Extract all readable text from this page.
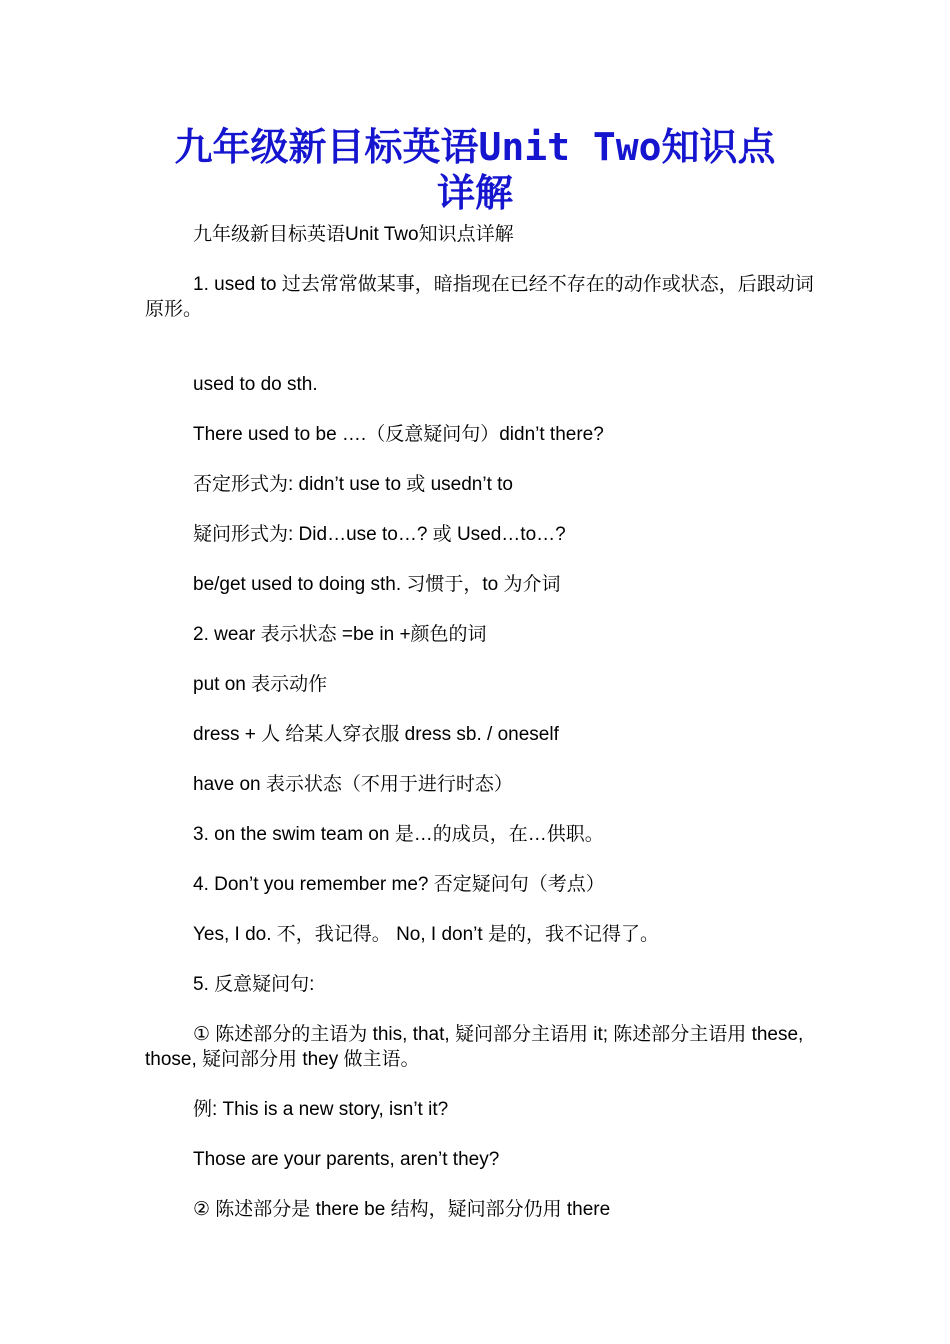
九年级新目标英语Unit Two知识点
详解

九年级新目标英语Unit Two知识点详解

1. used to 过去常常做某事，暗指现在已经不存在的动作或状态，后跟动词原形。

used to do sth.

There used to be ….（反意疑问句）didn’t there?

否定形式为: didn’t use to 或 usedn’t to

疑问形式为: Did…use to…? 或 Used…to…?

be/get used to doing sth. 习惯于，to 为介词

2. wear 表示状态 =be in +颜色的词

put on 表示动作

dress + 人 给某人穿衣服 dress sb. / oneself

have on 表示状态（不用于进行时态）

3. on the swim team on 是…的成员，在…供职。

4. Don’t you remember me? 否定疑问句（考点）

Yes, I do. 不，我记得。 No, I don’t 是的，我不记得了。

5. 反意疑问句:

① 陈述部分的主语为 this, that, 疑问部分主语用 it; 陈述部分主语用 these, those, 疑问部分用 they 做主语。

例: This is a new story, isn’t it?

Those are your parents, aren’t they?

② 陈述部分是 there be 结构，疑问部分仍用 there
